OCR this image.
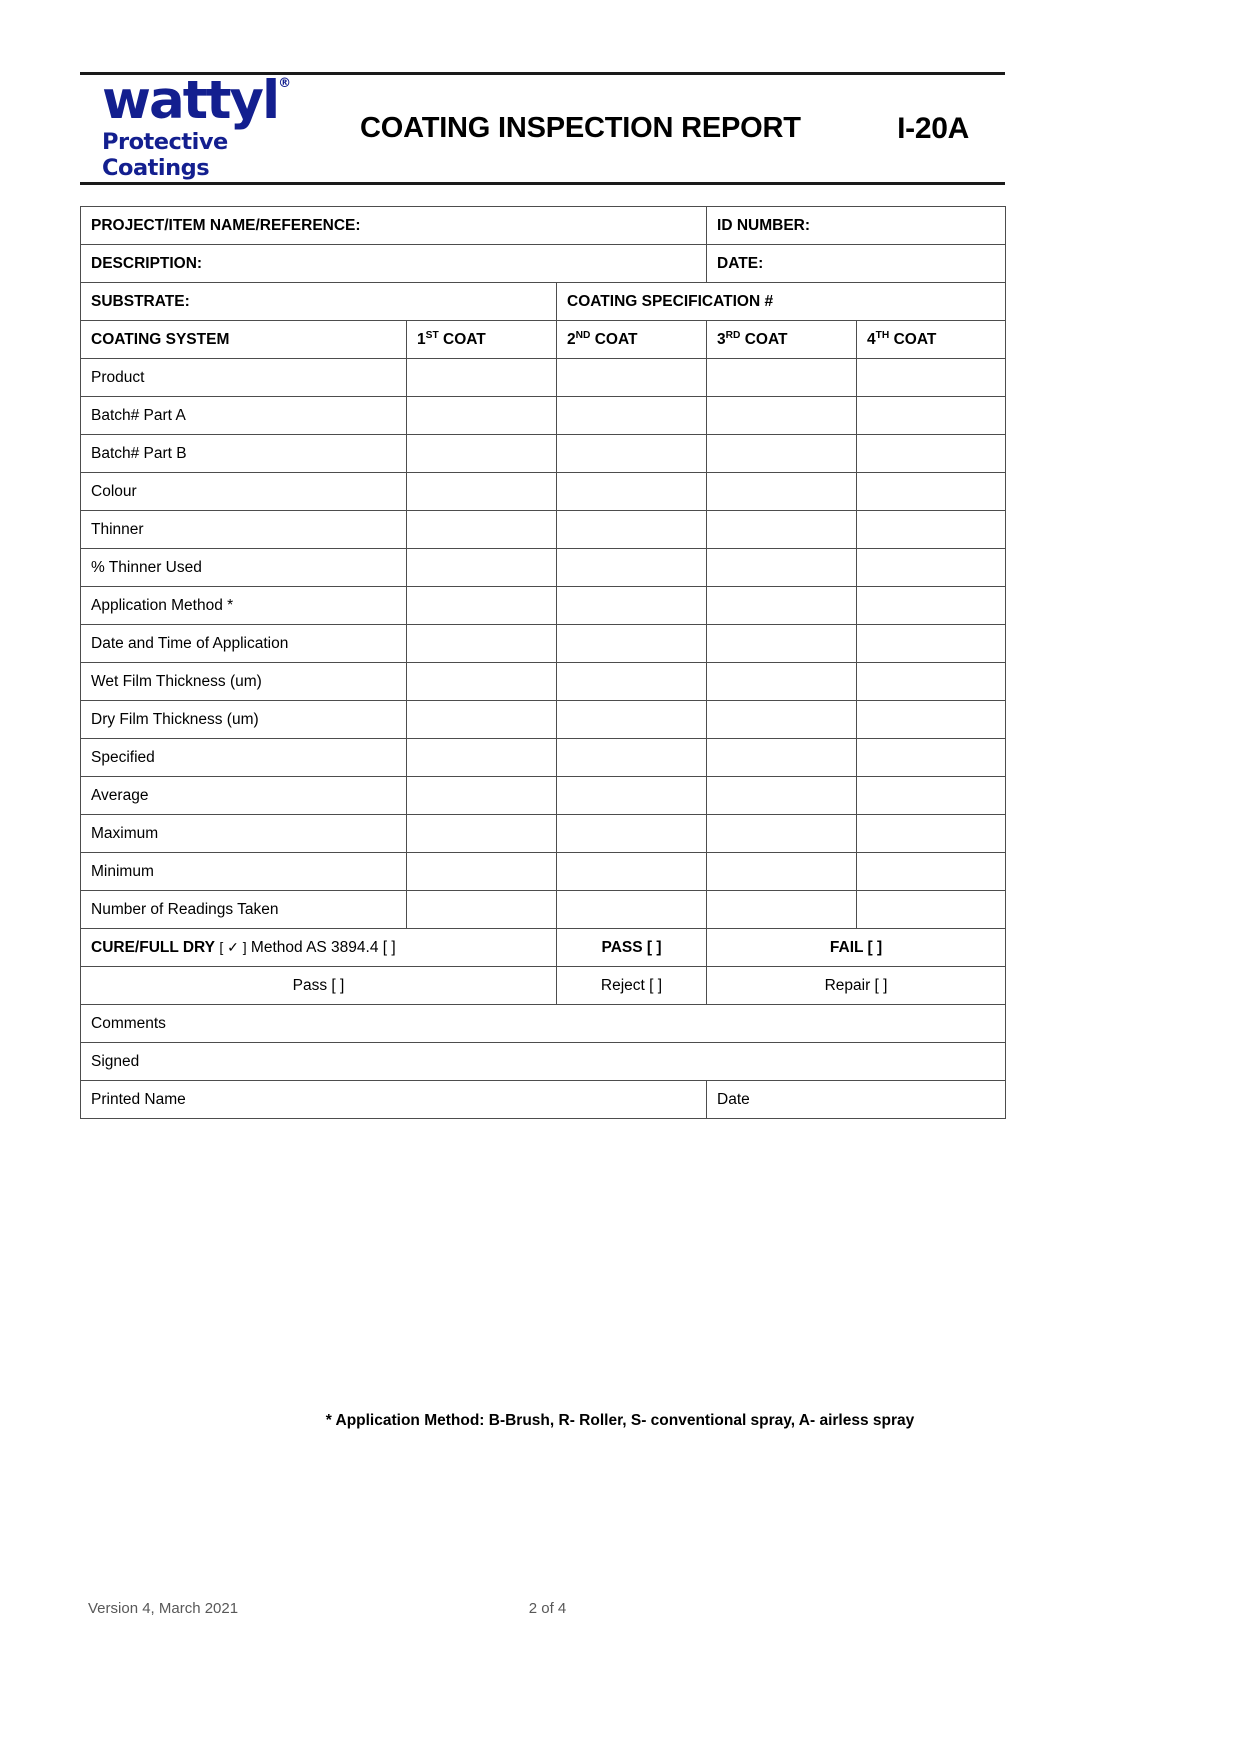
wattyl ®
Protective Coatings
COATING INSPECTION REPORT	I-20A
PROJECT/ITEM NAME/REFERENCE:			ID NUMBER:	
DESCRIPTION:			DATE:	
SUBSTRATE:		COATING SPECIFICATION #		
COATING SYSTEM	1ST COAT	2ND COAT	3RD COAT	4TH COAT
Product				
Batch# Part A				
Batch# Part B				
Colour				
Thinner				
% Thinner Used				
Application Method *				
Date and Time of Application				
Wet Film Thickness (um)				
Dry Film Thickness (um)				
Specified				
Average				
Maximum				
Minimum				
Number of Readings Taken				
CURE/FULL DRY [ ✓ ] Method AS 3894.4 [ ]		PASS [ ]	FAIL [ ]	
Pass [ ]		Reject [ ]	Repair [ ]	
Comments				
Signed				
Printed Name			Date	
* Application Method: B-Brush, R- Roller, S- conventional spray, A- airless spray
Version 4, March 2021	2 of 4
